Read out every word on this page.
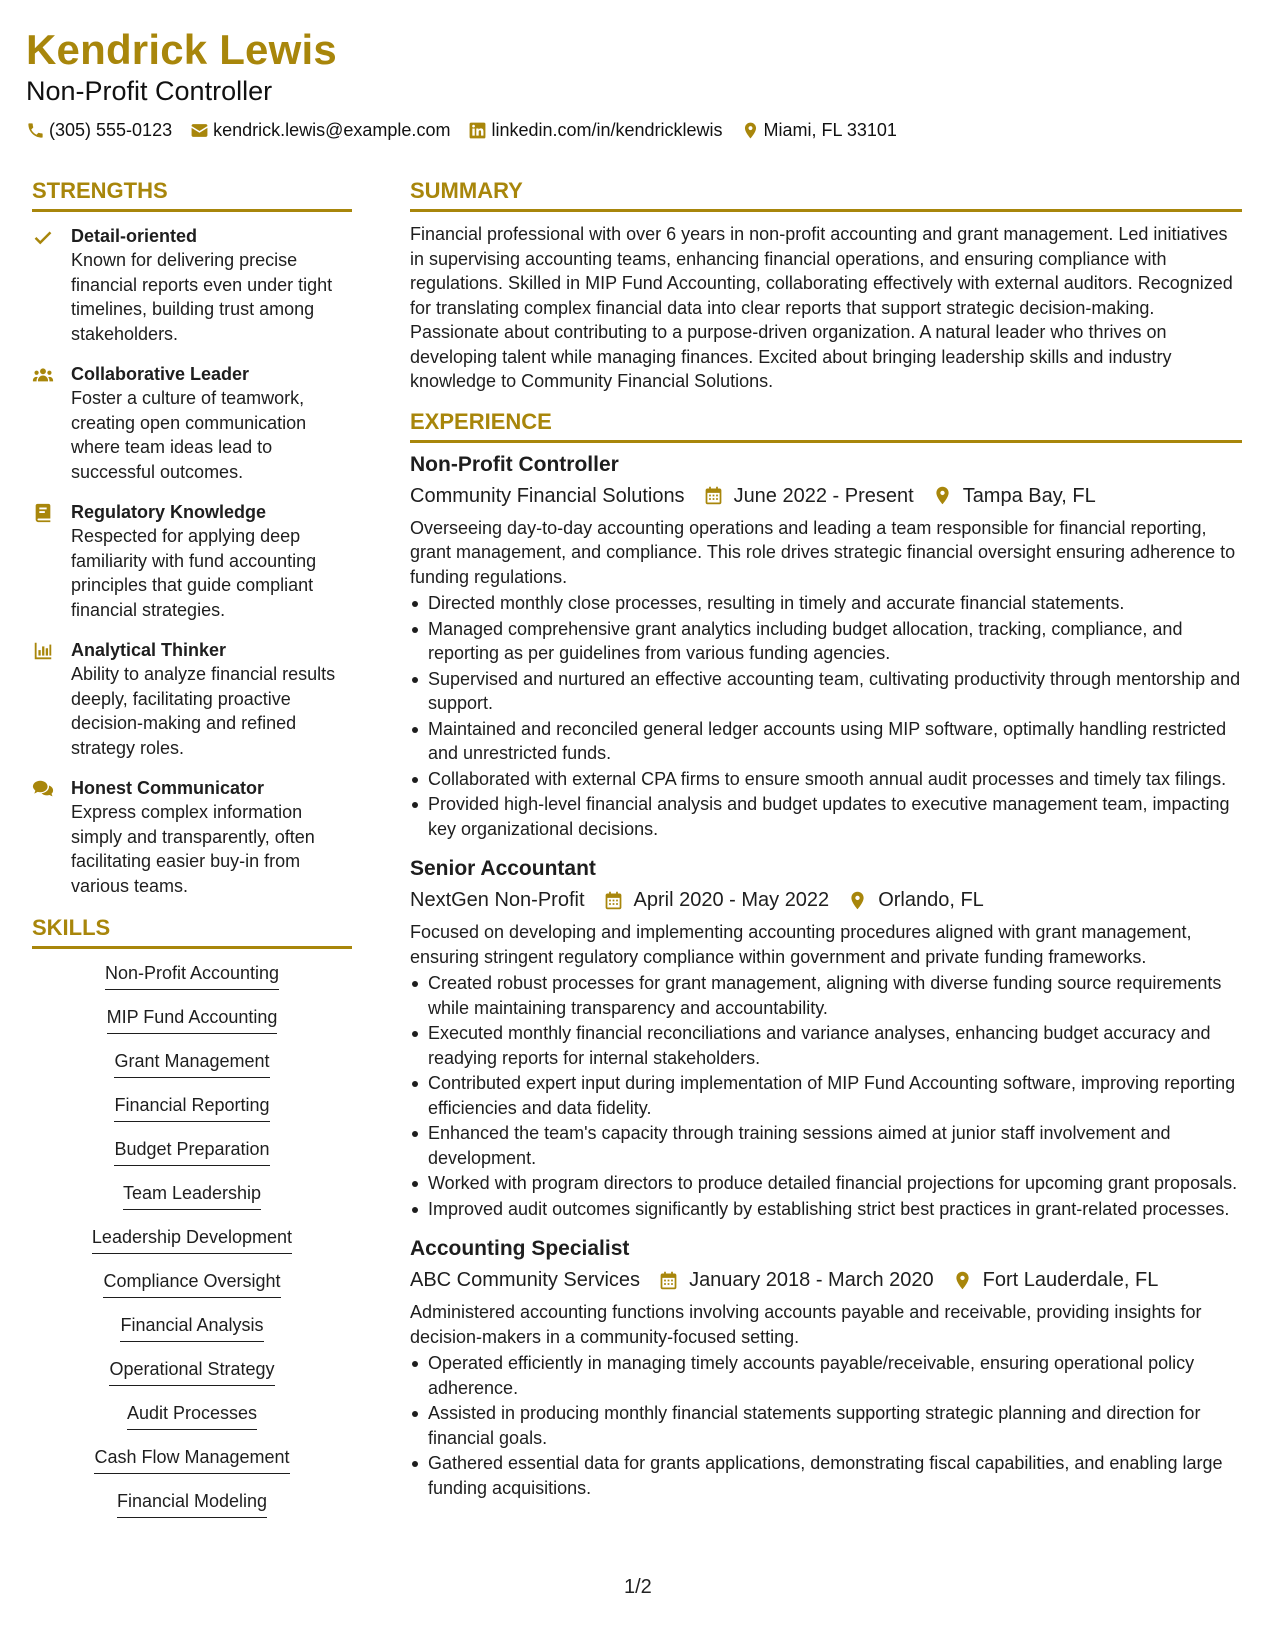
Kendrick Lewis
Non-Profit Controller
(305) 555-0123 kendrick.lewis@example.com linkedin.com/in/kendricklewis Miami, FL 33101
STRENGTHS
Detail-oriented
Known for delivering precise financial reports even under tight timelines, building trust among stakeholders.
Collaborative Leader
Foster a culture of teamwork, creating open communication where team ideas lead to successful outcomes.
Regulatory Knowledge
Respected for applying deep familiarity with fund accounting principles that guide compliant financial strategies.
Analytical Thinker
Ability to analyze financial results deeply, facilitating proactive decision-making and refined strategy roles.
Honest Communicator
Express complex information simply and transparently, often facilitating easier buy-in from various teams.
SKILLS
Non-Profit Accounting
MIP Fund Accounting
Grant Management
Financial Reporting
Budget Preparation
Team Leadership
Leadership Development
Compliance Oversight
Financial Analysis
Operational Strategy
Audit Processes
Cash Flow Management
Financial Modeling
SUMMARY
Financial professional with over 6 years in non-profit accounting and grant management. Led initiatives in supervising accounting teams, enhancing financial operations, and ensuring compliance with regulations. Skilled in MIP Fund Accounting, collaborating effectively with external auditors. Recognized for translating complex financial data into clear reports that support strategic decision-making. Passionate about contributing to a purpose-driven organization. A natural leader who thrives on developing talent while managing finances. Excited about bringing leadership skills and industry knowledge to Community Financial Solutions.
EXPERIENCE
Non-Profit Controller
Community Financial Solutions June 2022 - Present Tampa Bay, FL
Overseeing day-to-day accounting operations and leading a team responsible for financial reporting, grant management, and compliance. This role drives strategic financial oversight ensuring adherence to funding regulations.
Directed monthly close processes, resulting in timely and accurate financial statements.
Managed comprehensive grant analytics including budget allocation, tracking, compliance, and reporting as per guidelines from various funding agencies.
Supervised and nurtured an effective accounting team, cultivating productivity through mentorship and support.
Maintained and reconciled general ledger accounts using MIP software, optimally handling restricted and unrestricted funds.
Collaborated with external CPA firms to ensure smooth annual audit processes and timely tax filings.
Provided high-level financial analysis and budget updates to executive management team, impacting key organizational decisions.
Senior Accountant
NextGen Non-Profit April 2020 - May 2022 Orlando, FL
Focused on developing and implementing accounting procedures aligned with grant management, ensuring stringent regulatory compliance within government and private funding frameworks.
Created robust processes for grant management, aligning with diverse funding source requirements while maintaining transparency and accountability.
Executed monthly financial reconciliations and variance analyses, enhancing budget accuracy and readying reports for internal stakeholders.
Contributed expert input during implementation of MIP Fund Accounting software, improving reporting efficiencies and data fidelity.
Enhanced the team's capacity through training sessions aimed at junior staff involvement and development.
Worked with program directors to produce detailed financial projections for upcoming grant proposals.
Improved audit outcomes significantly by establishing strict best practices in grant-related processes.
Accounting Specialist
ABC Community Services January 2018 - March 2020 Fort Lauderdale, FL
Administered accounting functions involving accounts payable and receivable, providing insights for decision-makers in a community-focused setting.
Operated efficiently in managing timely accounts payable/receivable, ensuring operational policy adherence.
Assisted in producing monthly financial statements supporting strategic planning and direction for financial goals.
Gathered essential data for grants applications, demonstrating fiscal capabilities, and enabling large funding acquisitions.
1/2
